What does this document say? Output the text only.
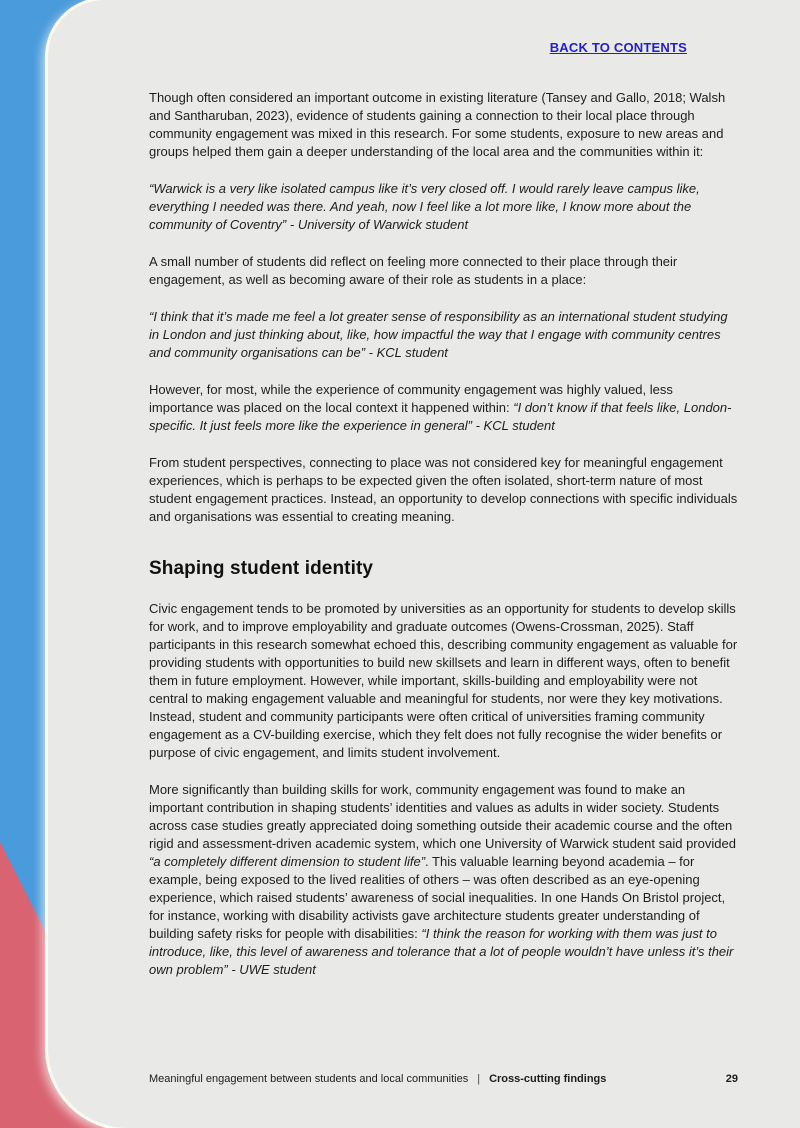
BACK TO CONTENTS

Though often considered an important outcome in existing literature (Tansey and Gallo, 2018; Walsh and Santharuban, 2023), evidence of students gaining a connection to their local place through community engagement was mixed in this research. For some students, exposure to new areas and groups helped them gain a deeper understanding of the local area and the communities within it:

“Warwick is a very like isolated campus like it’s very closed off. I would rarely leave campus like, everything I needed was there. And yeah, now I feel like a lot more like, I know more about the community of Coventry” - University of Warwick student

A small number of students did reflect on feeling more connected to their place through their engagement, as well as becoming aware of their role as students in a place:

“I think that it’s made me feel a lot greater sense of responsibility as an international student studying in London and just thinking about, like, how impactful the way that I engage with community centres and community organisations can be” - KCL student

However, for most, while the experience of community engagement was highly valued, less importance was placed on the local context it happened within: “I don’t know if that feels like, London-specific. It just feels more like the experience in general” - KCL student

From student perspectives, connecting to place was not considered key for meaningful engagement experiences, which is perhaps to be expected given the often isolated, short-term nature of most student engagement practices. Instead, an opportunity to develop connections with specific individuals and organisations was essential to creating meaning.

Shaping student identity

Civic engagement tends to be promoted by universities as an opportunity for students to develop skills for work, and to improve employability and graduate outcomes (Owens-Crossman, 2025). Staff participants in this research somewhat echoed this, describing community engagement as valuable for providing students with opportunities to build new skillsets and learn in different ways, often to benefit them in future employment. However, while important, skills-building and employability were not central to making engagement valuable and meaningful for students, nor were they key motivations. Instead, student and community participants were often critical of universities framing community engagement as a CV-building exercise, which they felt does not fully recognise the wider benefits or purpose of civic engagement, and limits student involvement.

More significantly than building skills for work, community engagement was found to make an important contribution in shaping students’ identities and values as adults in wider society. Students across case studies greatly appreciated doing something outside their academic course and the often rigid and assessment-driven academic system, which one University of Warwick student said provided “a completely different dimension to student life”. This valuable learning beyond academia – for example, being exposed to the lived realities of others – was often described as an eye-opening experience, which raised students’ awareness of social inequalities. In one Hands On Bristol project, for instance, working with disability activists gave architecture students greater understanding of building safety risks for people with disabilities: “I think the reason for working with them was just to introduce, like, this level of awareness and tolerance that a lot of people wouldn’t have unless it’s their own problem” - UWE student

Meaningful engagement between students and local communities | Cross-cutting findings	29
